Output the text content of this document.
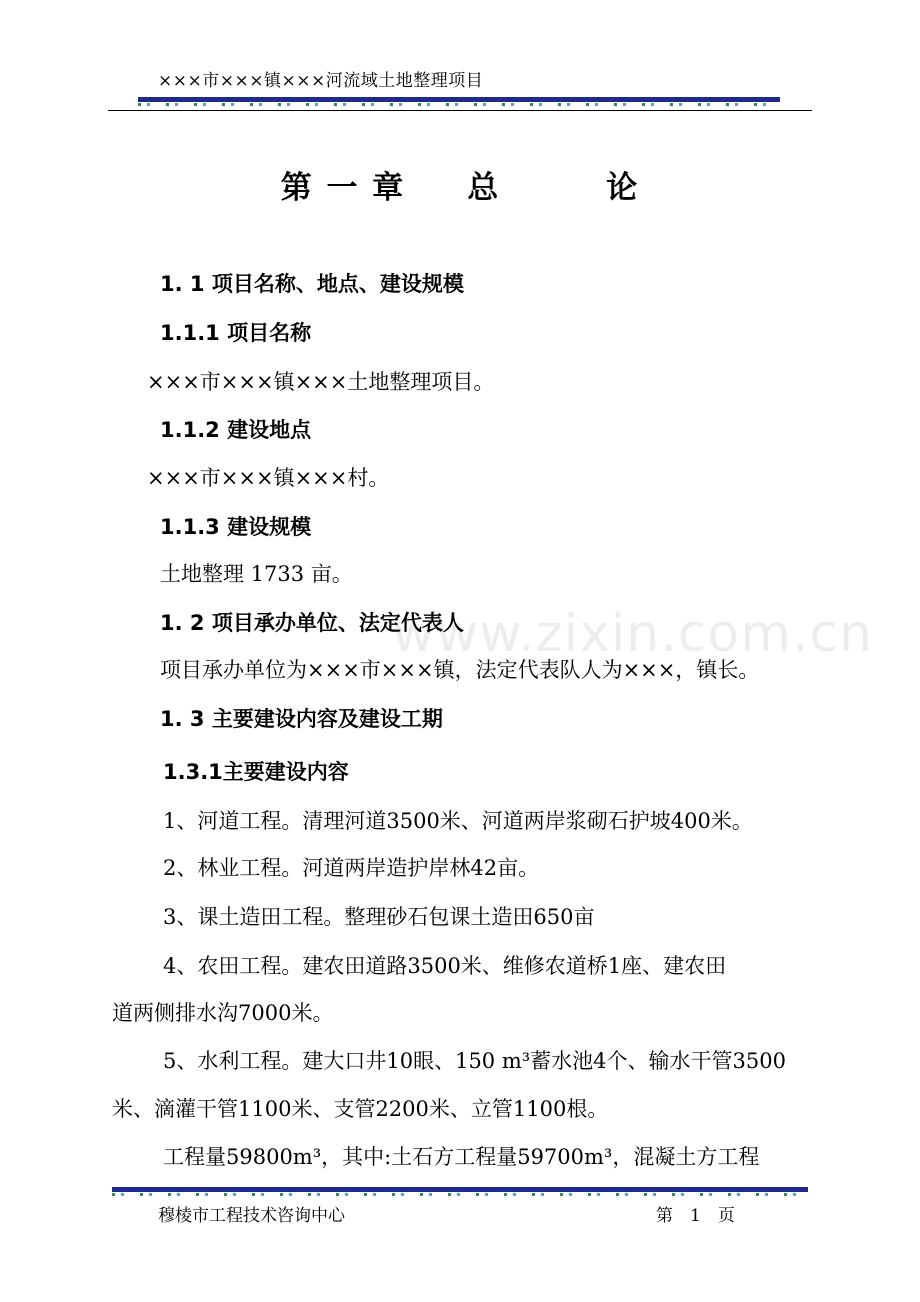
×××市×××镇×××河流域土地整理项目
第 一 章 总	论
www.zixin.com.cn
1. 1 项目名称、地点、建设规模
1.1.1 项目名称
×××市×××镇×××土地整理项目。
1.1.2 建设地点
×××市×××镇×××村。
1.1.3 建设规模
土地整理 1733 亩。
1. 2 项目承办单位、法定代表人
项目承办单位为×××市×××镇，法定代表队人为×××，镇长。
1. 3 主要建设内容及建设工期
1.3.1主要建设内容
1、河道工程。清理河道3500米、河道两岸浆砌石护坡400米。
2、林业工程。河道两岸造护岸林42亩。
3、课土造田工程。整理砂石包课土造田650亩
4、农田工程。建农田道路3500米、维修农道桥1座、建农田
道两侧排水沟7000米。
5、水利工程。建大口井10眼、150 m³蓄水池4个、输水干管3500
米、滴灌干管1100米、支管2200米、立管1100根。
工程量59800m³，其中:土石方工程量59700m³，混凝土方工程
穆棱市工程技术咨询中心	第　1　页
